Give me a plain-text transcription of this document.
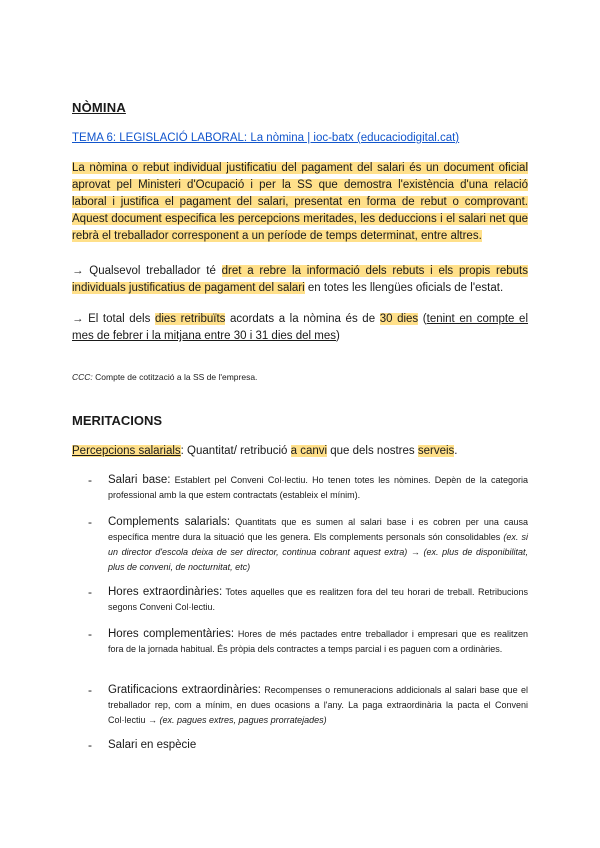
NÒMINA
TEMA 6: LEGISLACIÓ LABORAL: La nòmina | ioc-batx (educaciodigital.cat)
La nòmina o rebut individual justificatiu del pagament del salari és un document oficial aprovat pel Ministeri d'Ocupació i per la SS que demostra l'existència d'una relació laboral i justifica el pagament del salari, presentat en forma de rebut o comprovant. Aquest document especifica les percepcions meritades, les deduccions i el salari net que rebrà el treballador corresponent a un període de temps determinat, entre altres.
→ Qualsevol treballador té dret a rebre la informació dels rebuts i els propis rebuts individuals justificatius de pagament del salari en totes les llengües oficials de l'estat.
→ El total dels dies retribuïts acordats a la nòmina és de 30 dies (tenint en compte el mes de febrer i la mitjana entre 30 i 31 dies del mes)
CCC: Compte de cotització a la SS de l'empresa.
MERITACIONS
Percepcions salarials: Quantitat/ retribució a canvi que dels nostres serveis.
- Salari base: Establert pel Conveni Col·lectiu. Ho tenen totes les nòmines. Depèn de la categoria professional amb la que estem contractats (estableix el mínim).
- Complements salarials: Quantitats que es sumen al salari base i es cobren per una causa específica mentre dura la situació que les genera. Els complements personals són consolidables (ex. si un director d'escola deixa de ser director, continua cobrant aquest extra) → (ex. plus de disponibilitat, plus de conveni, de nocturnitat, etc)
- Hores extraordinàries: Totes aquelles que es realitzen fora del teu horari de treball. Retribucions segons Conveni Col·lectiu.
- Hores complementàries: Hores de més pactades entre treballador i empresari que es realitzen fora de la jornada habitual. És pròpia dels contractes a temps parcial i es paguen com a ordinàries.
- Gratificacions extraordinàries: Recompenses o remuneracions addicionals al salari base que el treballador rep, com a mínim, en dues ocasions a l'any. La paga extraordinària la pacta el Conveni Col·lectiu → (ex. pagues extres, pagues prorratejades)
- Salari en espècie
